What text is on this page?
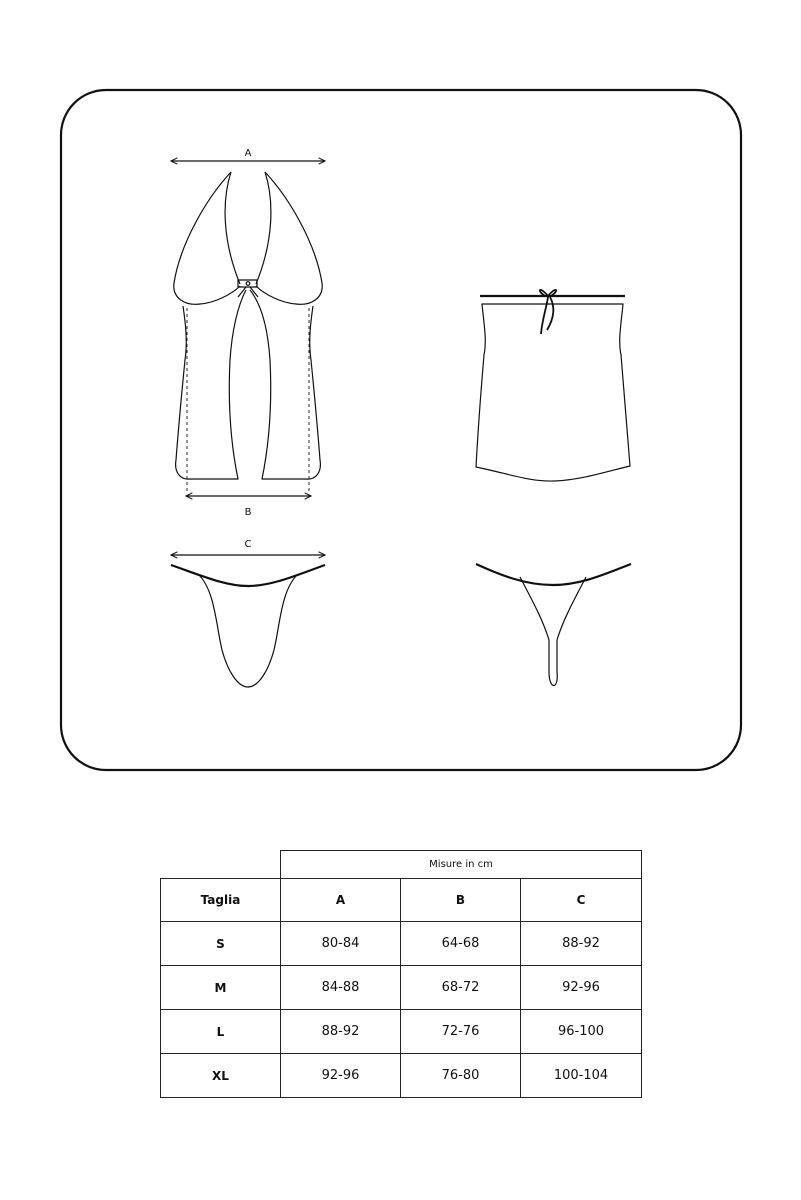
A
B
C
	Misure in cm		
Taglia	A	B	C
S	80-84	64-68	88-92
M	84-88	68-72	92-96
L	88-92	72-76	96-100
XL	92-96	76-80	100-104
